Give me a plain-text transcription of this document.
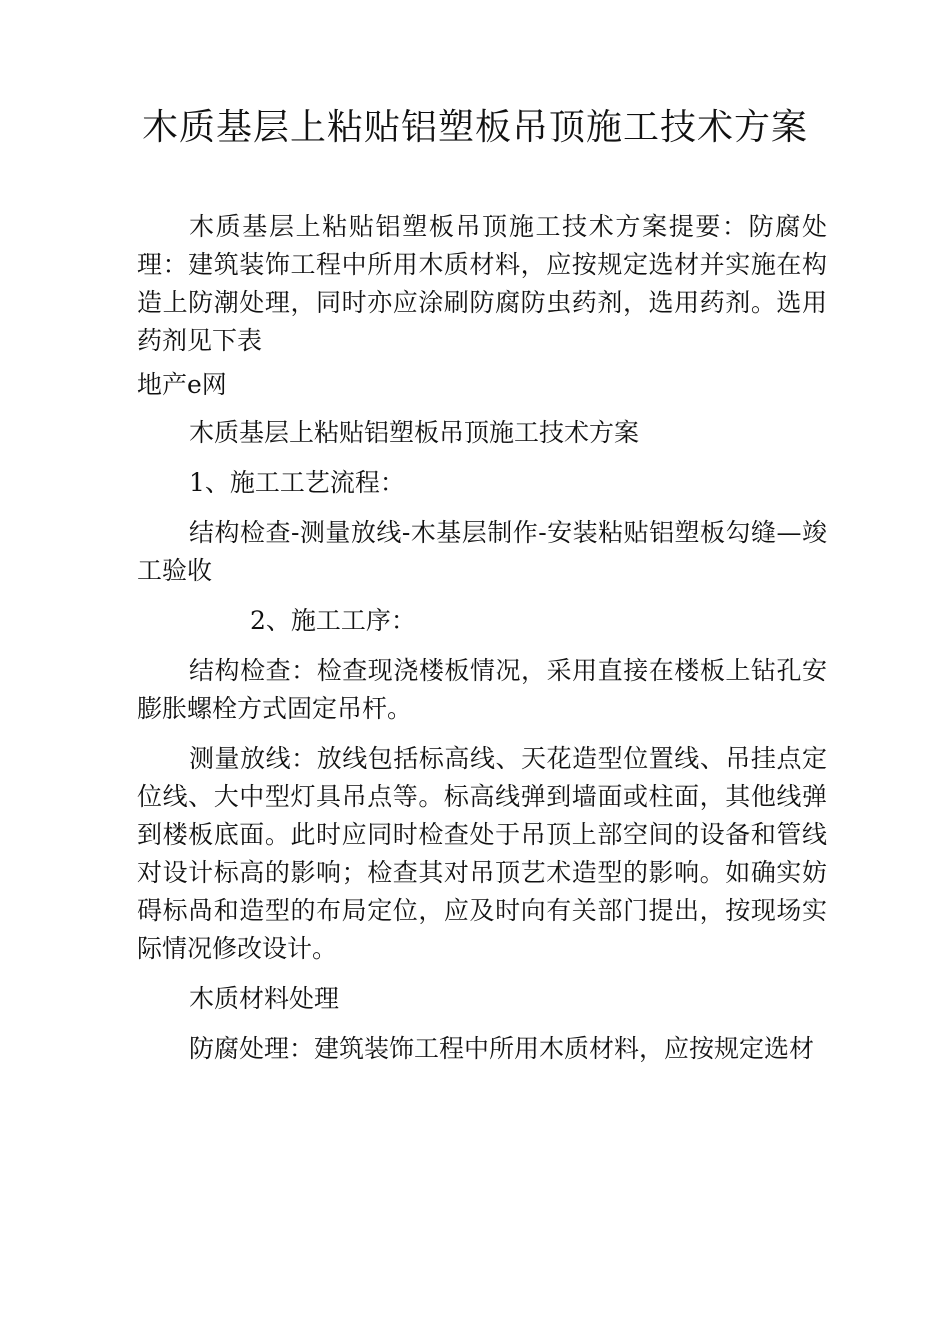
木质基层上粘贴铝塑板吊顶施工技术方案

木质基层上粘贴铝塑板吊顶施工技术方案提要：防腐处理：建筑装饰工程中所用木质材料，应按规定选材并实施在构造上防潮处理，同时亦应涂刷防腐防虫药剂，选用药剂。选用药剂见下表

地产e网

木质基层上粘贴铝塑板吊顶施工技术方案

1、施工工艺流程：

结构检查-测量放线-木基层制作-安装粘贴铝塑板勾缝—竣工验收

2、施工工序：

结构检查：检查现浇楼板情况，采用直接在楼板上钻孔安膨胀螺栓方式固定吊杆。

测量放线：放线包括标高线、天花造型位置线、吊挂点定位线、大中型灯具吊点等。标高线弹到墙面或柱面，其他线弹到楼板底面。此时应同时检查处于吊顶上部空间的设备和管线对设计标高的影响；检查其对吊顶艺术造型的影响。如确实妨碍标咼和造型的布局定位，应及时向有关部门提出，按现场实际情况修改设计。

木质材料处理

防腐处理：建筑装饰工程中所用木质材料，应按规定选材
